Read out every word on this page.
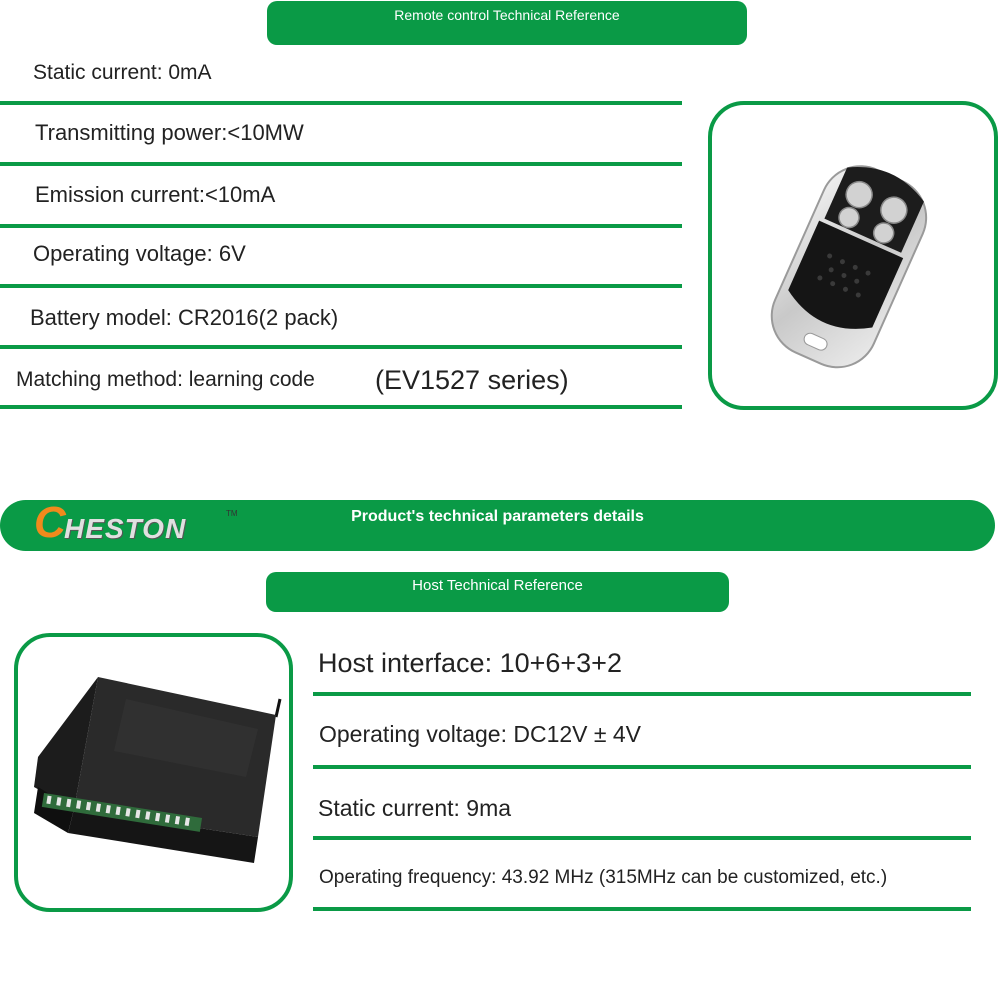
Remote control Technical Reference
Static current: 0mA
Transmitting power:<10MW
Emission current:<10mA
Operating voltage: 6V
Battery model: CR2016(2 pack)
Matching method: learning code (EV1527 series)
Product's technical parameters details
C
HESTON	TM
Host Technical Reference
Host interface: 10+6+3+2
Operating voltage: DC12V ± 4V
Static current: 9ma
Operating frequency: 43.92 MHz (315MHz can be customized, etc.)
